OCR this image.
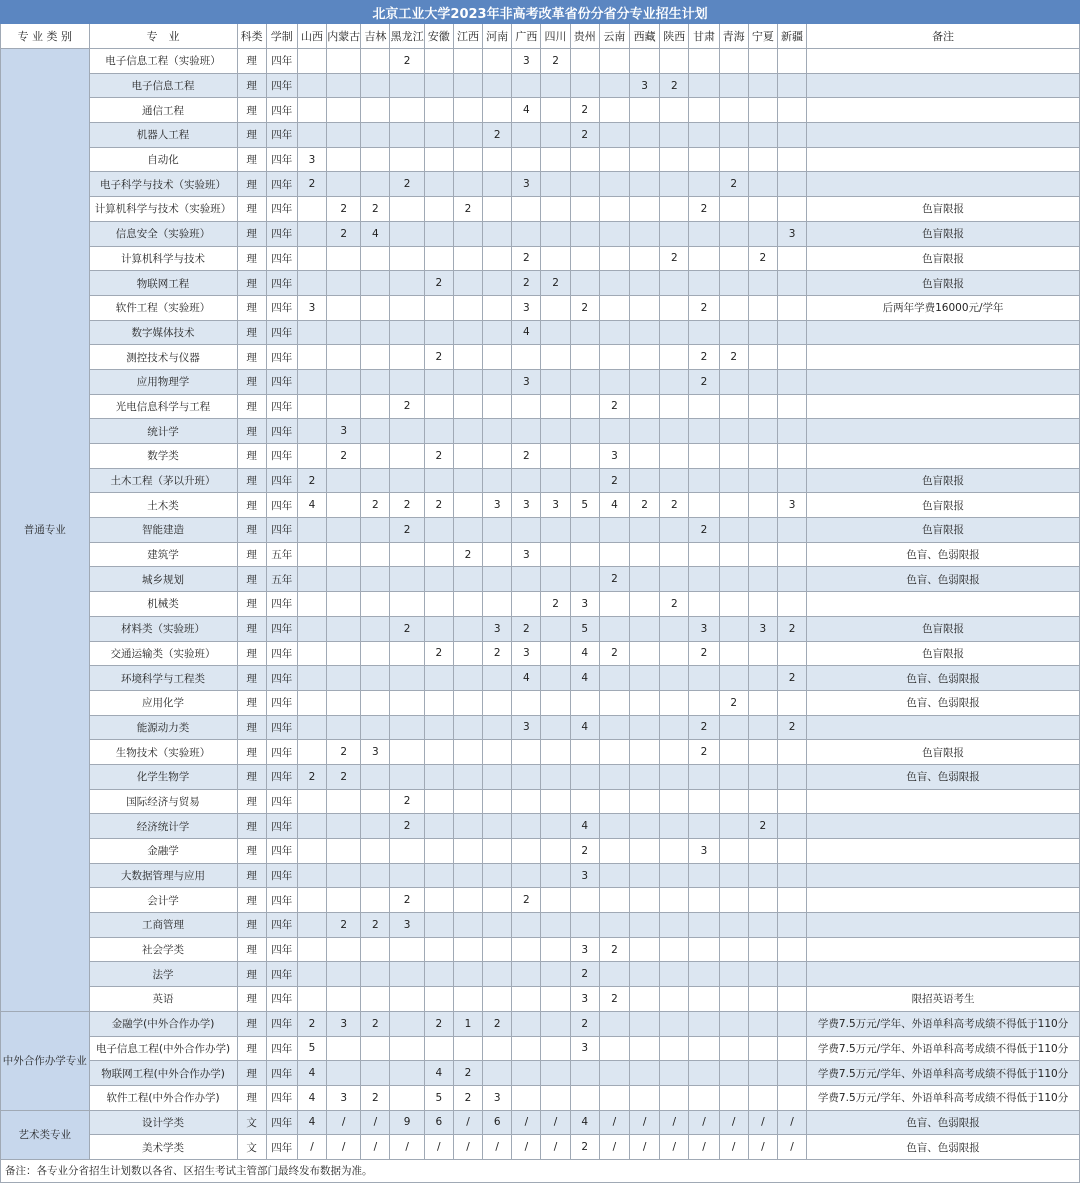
北京工业大学2023年非高考改革省份分省分专业招生计划																					
专 业 类 别	专　业	科类	学制	山西	内蒙古	吉林	黑龙江	安徽	江西	河南	广西	四川	贵州	云南	西藏	陕西	甘肃	青海	宁夏	新疆	备注
普通专业	电子信息工程（实验班）	理	四年				2				3	2									
	电子信息工程	理	四年												3	2					
	通信工程	理	四年								4		2								
	机器人工程	理	四年							2			2								
	自动化	理	四年	3																	
	电子科学与技术（实验班）	理	四年	2			2				3							2			
	计算机科学与技术（实验班）	理	四年		2	2			2								2				色盲限报
	信息安全（实验班）	理	四年		2	4														3	色盲限报
	计算机科学与技术	理	四年								2					2			2		色盲限报
	物联网工程	理	四年					2			2	2									色盲限报
	软件工程（实验班）	理	四年	3							3		2				2				后两年学费16000元/学年
	数字媒体技术	理	四年								4										
	测控技术与仪器	理	四年					2									2	2			
	应用物理学	理	四年								3						2				
	光电信息科学与工程	理	四年				2							2							
	统计学	理	四年		3																
	数学类	理	四年		2			2			2			3							
	土木工程（茅以升班）	理	四年	2										2							色盲限报
	土木类	理	四年	4		2	2	2		3	3	3	5	4	2	2				3	色盲限报
	智能建造	理	四年				2										2				色盲限报
	建筑学	理	五年						2		3										色盲、色弱限报
	城乡规划	理	五年											2							色盲、色弱限报
	机械类	理	四年									2	3			2					
	材料类（实验班）	理	四年				2			3	2		5				3		3	2	色盲限报
	交通运输类（实验班）	理	四年					2		2	3		4	2			2				色盲限报
	环境科学与工程类	理	四年								4		4							2	色盲、色弱限报
	应用化学	理	四年															2			色盲、色弱限报
	能源动力类	理	四年								3		4				2			2	
	生物技术（实验班）	理	四年		2	3											2				色盲限报
	化学生物学	理	四年	2	2																色盲、色弱限报
	国际经济与贸易	理	四年				2														
	经济统计学	理	四年				2						4						2		
	金融学	理	四年										2				3				
	大数据管理与应用	理	四年										3								
	会计学	理	四年				2				2										
	工商管理	理	四年		2	2	3														
	社会学类	理	四年										3	2							
	法学	理	四年										2								
	英语	理	四年										3	2							限招英语考生
中外合作办学专业	金融学(中外合作办学)	理	四年	2	3	2		2	1	2			2								学费7.5万元/学年、外语单科高考成绩不得低于110分
	电子信息工程(中外合作办学)	理	四年	5									3								学费7.5万元/学年、外语单科高考成绩不得低于110分
	物联网工程(中外合作办学)	理	四年	4				4	2												学费7.5万元/学年、外语单科高考成绩不得低于110分
	软件工程(中外合作办学)	理	四年	4	3	2		5	2	3											学费7.5万元/学年、外语单科高考成绩不得低于110分
艺术类专业	设计学类	文	四年	4	/	/	9	6	/	6	/	/	4	/	/	/	/	/	/	/	色盲、色弱限报
	美术学类	文	四年	/	/	/	/	/	/	/	/	/	2	/	/	/	/	/	/	/	色盲、色弱限报
备注：各专业分省招生计划数以各省、区招生考试主管部门最终发布数据为准。																					
